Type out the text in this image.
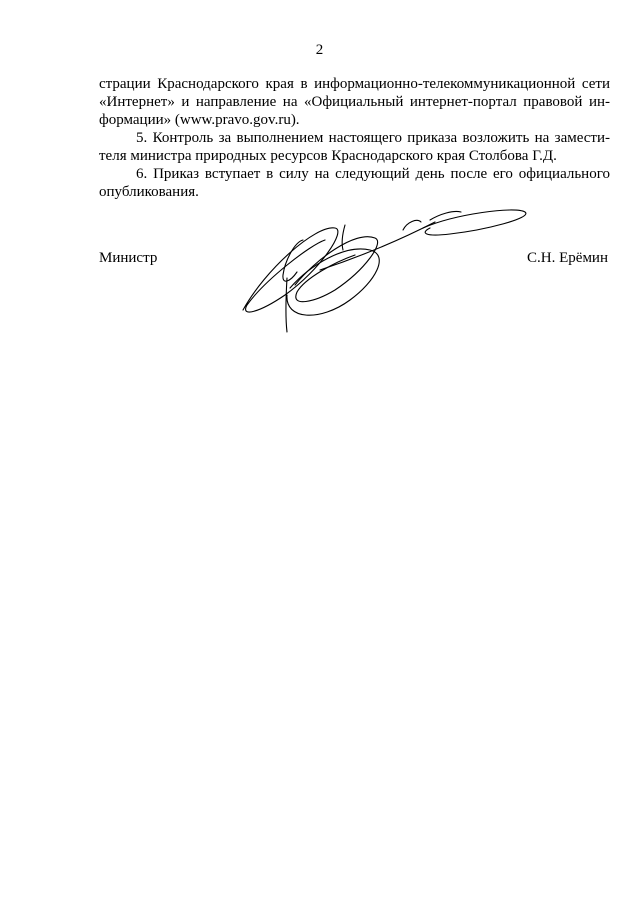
2
страции Краснодарского края в информационно-телекоммуникационной сети
«Интернет» и направление на «Официальный интернет-портал правовой ин-
формации» (www.pravo.gov.ru).
5. Контроль за выполнением настоящего приказа возложить на замести-
теля министра природных ресурсов Краснодарского края Столбова Г.Д.
6. Приказ вступает в силу на следующий день после его официального
опубликования.
Министр	С.Н. Ерёмин
